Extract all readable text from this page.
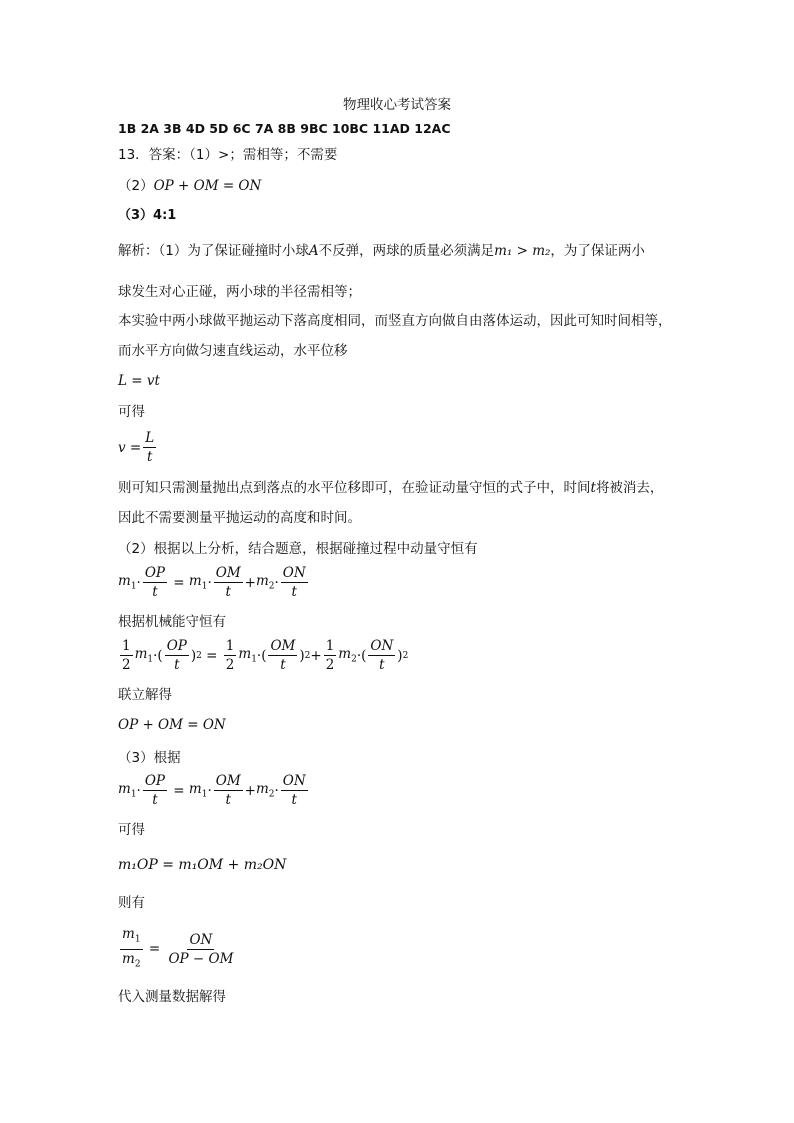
物理收心考试答案
1B 2A 3B 4D 5D 6C 7A 8B 9BC 10BC 11AD 12AC
13．答案：（1）>；需相等；不需要
（2）OP + OM = ON
（3）4:1
解析：（1）为了保证碰撞时小球A不反弹，两球的质量必须满足m₁ > m₂，为了保证两小
球发生对心正碰，两小球的半径需相等；
本实验中两小球做平抛运动下落高度相同，而竖直方向做自由落体运动，因此可知时间相等，
而水平方向做匀速直线运动，水平位移
L = vt
可得
$v = \frac{L}{t}$
则可知只需测量抛出点到落点的水平位移即可，在验证动量守恒的式子中，时间t将被消去，
因此不需要测量平抛运动的高度和时间。
（2）根据以上分析，结合题意，根据碰撞过程中动量守恒有
$m_1 \cdot \frac{OP}{t} = m_1 \cdot \frac{OM}{t} + m_2 \cdot \frac{ON}{t}$
根据机械能守恒有
$\frac{1}{2} m_1$ ·( $\frac{OP}{t}$ ) $2 = \frac{1}{2} m_1$ ·( $\frac{OM}{t}$ ) $2 + \frac{1}{2} m_2$ ·( $\frac{ON}{t}$ ) 2
联立解得
OP + OM = ON
（3）根据
$m_1 \cdot \frac{OP}{t} = m_1 \cdot \frac{OM}{t} + m_2 \cdot \frac{ON}{t}$
可得
m₁OP = m₁OM + m₂ON
则有
$\frac{m_1}{m_2} = \frac{ON}{OP - OM}$
代入测量数据解得
